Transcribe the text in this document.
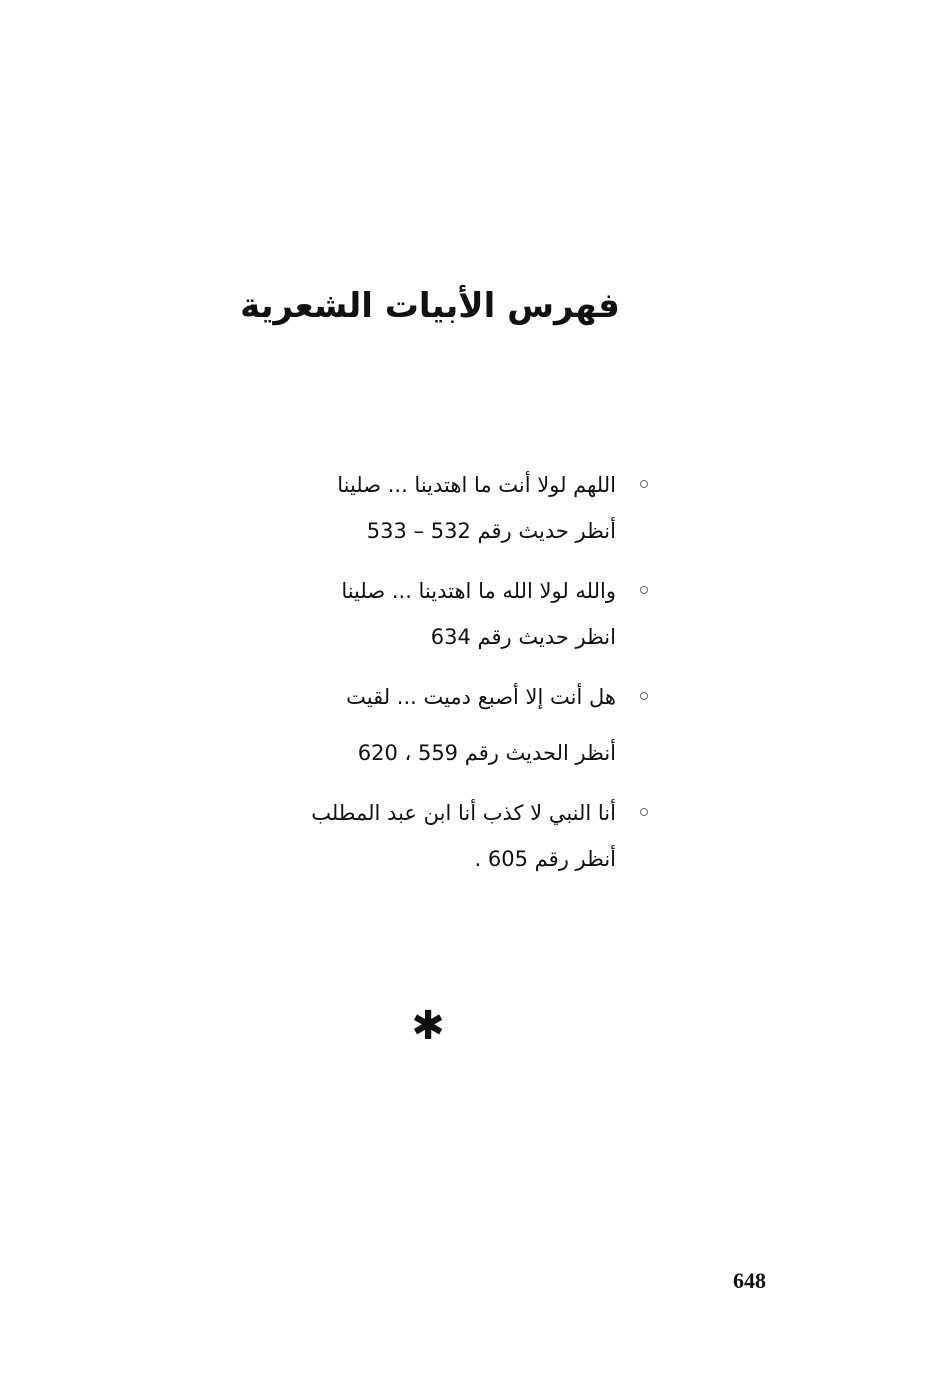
فهرس الأبيات الشعرية
اللهم لولا أنت ما اهتدينا ... صلينا
أنظر حديث رقم 532 – 533
والله لولا الله ما اهتدينا ... صلينا
انظر حديث رقم 634
هل أنت إلا أصبع دميت ... لقيت
أنظر الحديث رقم 559 ، 620
أنا النبي لا كذب أنا ابن عبد المطلب
أنظر رقم 605 .
✱
648
